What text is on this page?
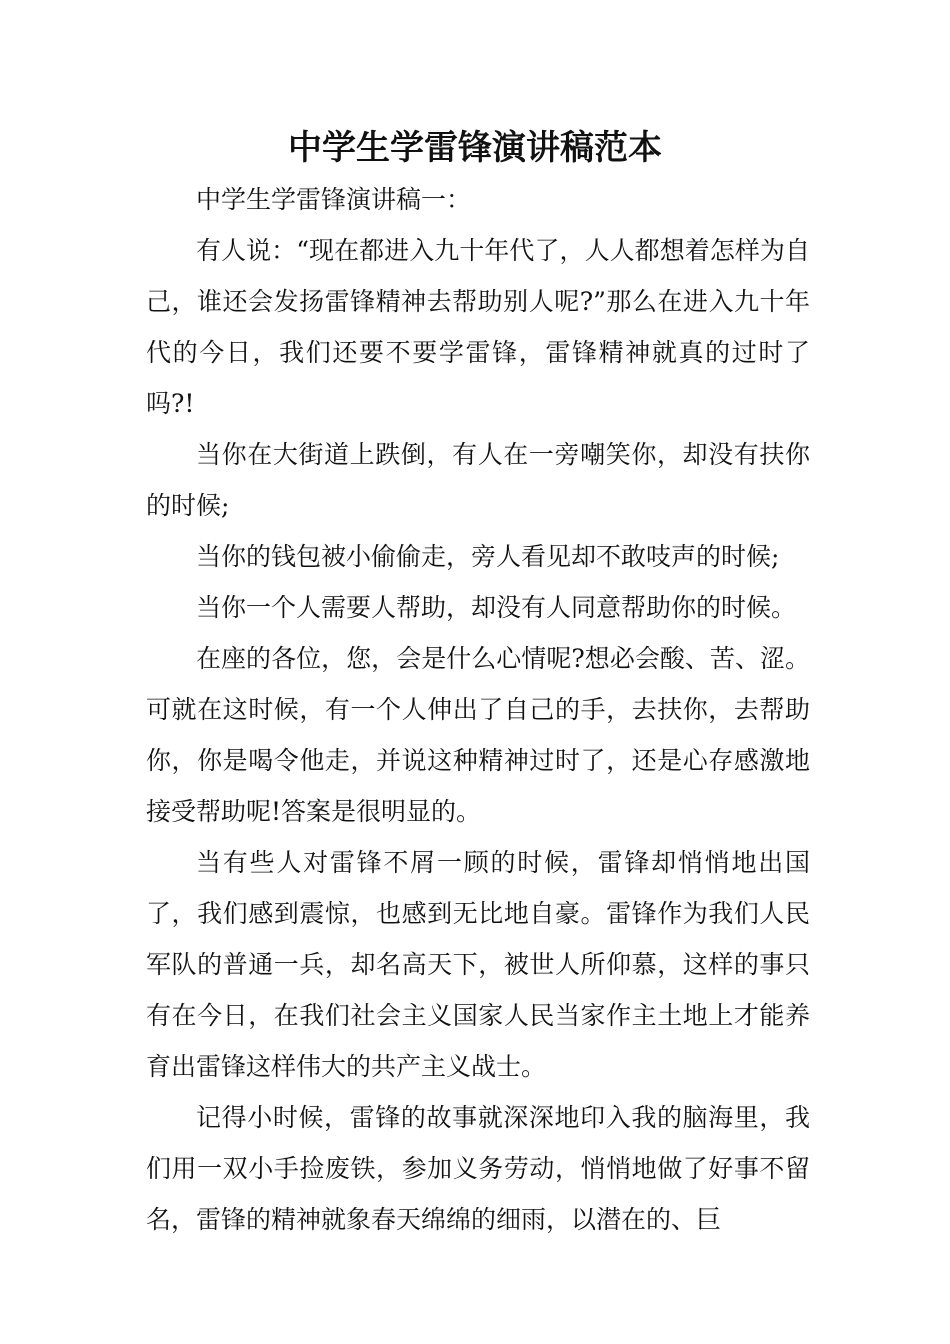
中学生学雷锋演讲稿范本

中学生学雷锋演讲稿一：

有人说：“现在都进入九十年代了，人人都想着怎样为自己，谁还会发扬雷锋精神去帮助别人呢?”那么在进入九十年代的今日，我们还要不要学雷锋，雷锋精神就真的过时了吗?!

当你在大街道上跌倒，有人在一旁嘲笑你，却没有扶你的时候;

当你的钱包被小偷偷走，旁人看见却不敢吱声的时候;

当你一个人需要人帮助，却没有人同意帮助你的时候。

在座的各位，您，会是什么心情呢?想必会酸、苦、涩。可就在这时候，有一个人伸出了自己的手，去扶你，去帮助你，你是喝令他走，并说这种精神过时了，还是心存感激地接受帮助呢!答案是很明显的。

当有些人对雷锋不屑一顾的时候，雷锋却悄悄地出国了，我们感到震惊，也感到无比地自豪。雷锋作为我们人民军队的普通一兵，却名高天下，被世人所仰慕，这样的事只有在今日，在我们社会主义国家人民当家作主土地上才能养育出雷锋这样伟大的共产主义战士。

记得小时候，雷锋的故事就深深地印入我的脑海里，我们用一双小手捡废铁，参加义务劳动，悄悄地做了好事不留名，雷锋的精神就象春天绵绵的细雨，以潜在的、巨
